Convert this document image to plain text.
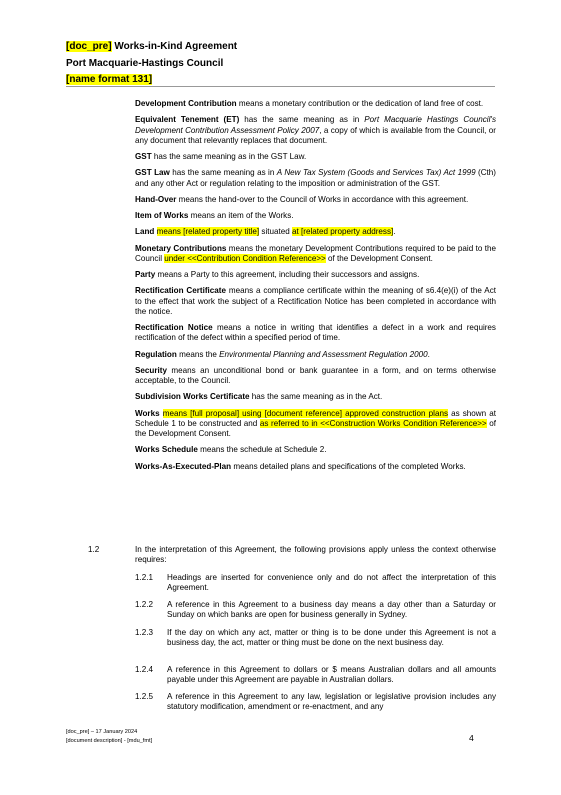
[doc_pre] Works-in-Kind Agreement
Port Macquarie-Hastings Council
[name format 131]

Development Contribution means a monetary contribution or the dedication of land free of cost.

Equivalent Tenement (ET) has the same meaning as in Port Macquarie Hastings Council's Development Contribution Assessment Policy 2007, a copy of which is available from the Council, or any document that relevantly replaces that document.

GST has the same meaning as in the GST Law.

GST Law has the same meaning as in A New Tax System (Goods and Services Tax) Act 1999 (Cth) and any other Act or regulation relating to the imposition or administration of the GST.

Hand-Over means the hand-over to the Council of Works in accordance with this agreement.

Item of Works means an item of the Works.

Land means [related property title] situated at [related property address].

Monetary Contributions means the monetary Development Contributions required to be paid to the Council under <<Contribution Condition Reference>> of the Development Consent.

Party means a Party to this agreement, including their successors and assigns.

Rectification Certificate means a compliance certificate within the meaning of s6.4(e)(i) of the Act to the effect that work the subject of a Rectification Notice has been completed in accordance with the notice.

Rectification Notice means a notice in writing that identifies a defect in a work and requires rectification of the defect within a specified period of time.

Regulation means the Environmental Planning and Assessment Regulation 2000.

Security means an unconditional bond or bank guarantee in a form, and on terms otherwise acceptable, to the Council.

Subdivision Works Certificate has the same meaning as in the Act.

Works means [full proposal] using [document reference] approved construction plans as shown at Schedule 1 to be constructed and as referred to in <<Construction Works Condition Reference>> of the Development Consent.

Works Schedule means the schedule at Schedule 2.

Works-As-Executed-Plan means detailed plans and specifications of the completed Works.

1.2	In the interpretation of this Agreement, the following provisions apply unless the context otherwise requires:
1.2.1 Headings are inserted for convenience only and do not affect the interpretation of this Agreement.
1.2.2 A reference in this Agreement to a business day means a day other than a Saturday or Sunday on which banks are open for business generally in Sydney.
1.2.3 If the day on which any act, matter or thing is to be done under this Agreement is not a business day, the act, matter or thing must be done on the next business day.
1.2.4 A reference in this Agreement to dollars or $ means Australian dollars and all amounts payable under this Agreement are payable in Australian dollars.
1.2.5 A reference in this Agreement to any law, legislation or legislative provision includes any statutory modification, amendment or re-enactment, and any
[doc_pre] – 17 January 2024
[document description] - [mdu_fmt]	4
